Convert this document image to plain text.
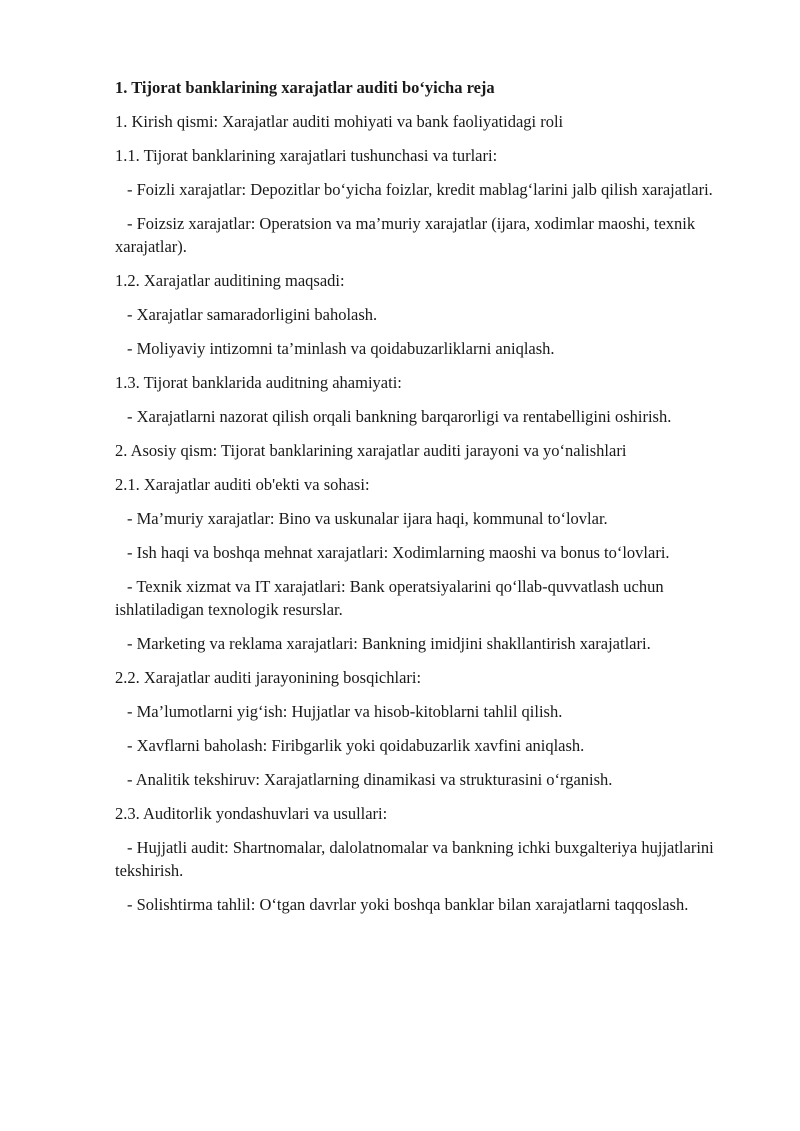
1. Tijorat banklarining xarajatlar auditi bo‘yicha reja

1. Kirish qismi: Xarajatlar auditi mohiyati va bank faoliyatidagi roli

1.1. Tijorat banklarining xarajatlari tushunchasi va turlari:

- Foizli xarajatlar: Depozitlar bo‘yicha foizlar, kredit mablag‘larini jalb qilish xarajatlari.

- Foizsiz xarajatlar: Operatsion va ma’muriy xarajatlar (ijara, xodimlar maoshi, texnik xarajatlar).

1.2. Xarajatlar auditining maqsadi:

- Xarajatlar samaradorligini baholash.

- Moliyaviy intizomni ta’minlash va qoidabuzarliklarni aniqlash.

1.3. Tijorat banklarida auditning ahamiyati:

- Xarajatlarni nazorat qilish orqali bankning barqarorligi va rentabelligini oshirish.

2. Asosiy qism: Tijorat banklarining xarajatlar auditi jarayoni va yo‘nalishlari

2.1. Xarajatlar auditi ob'ekti va sohasi:

- Ma’muriy xarajatlar: Bino va uskunalar ijara haqi, kommunal to‘lovlar.

- Ish haqi va boshqa mehnat xarajatlari: Xodimlarning maoshi va bonus to‘lovlari.

- Texnik xizmat va IT xarajatlari: Bank operatsiyalarini qo‘llab-quvvatlash uchun ishlatiladigan texnologik resurslar.

- Marketing va reklama xarajatlari: Bankning imidjini shakllantirish xarajatlari.

2.2. Xarajatlar auditi jarayonining bosqichlari:

- Ma’lumotlarni yig‘ish: Hujjatlar va hisob-kitoblarni tahlil qilish.

- Xavflarni baholash: Firibgarlik yoki qoidabuzarlik xavfini aniqlash.

- Analitik tekshiruv: Xarajatlarning dinamikasi va strukturasini o‘rganish.

2.3. Auditorlik yondashuvlari va usullari:

- Hujjatli audit: Shartnomalar, dalolatnomalar va bankning ichki buxgalteriya hujjatlarini tekshirish.

- Solishtirma tahlil: O‘tgan davrlar yoki boshqa banklar bilan xarajatlarni taqqoslash.
